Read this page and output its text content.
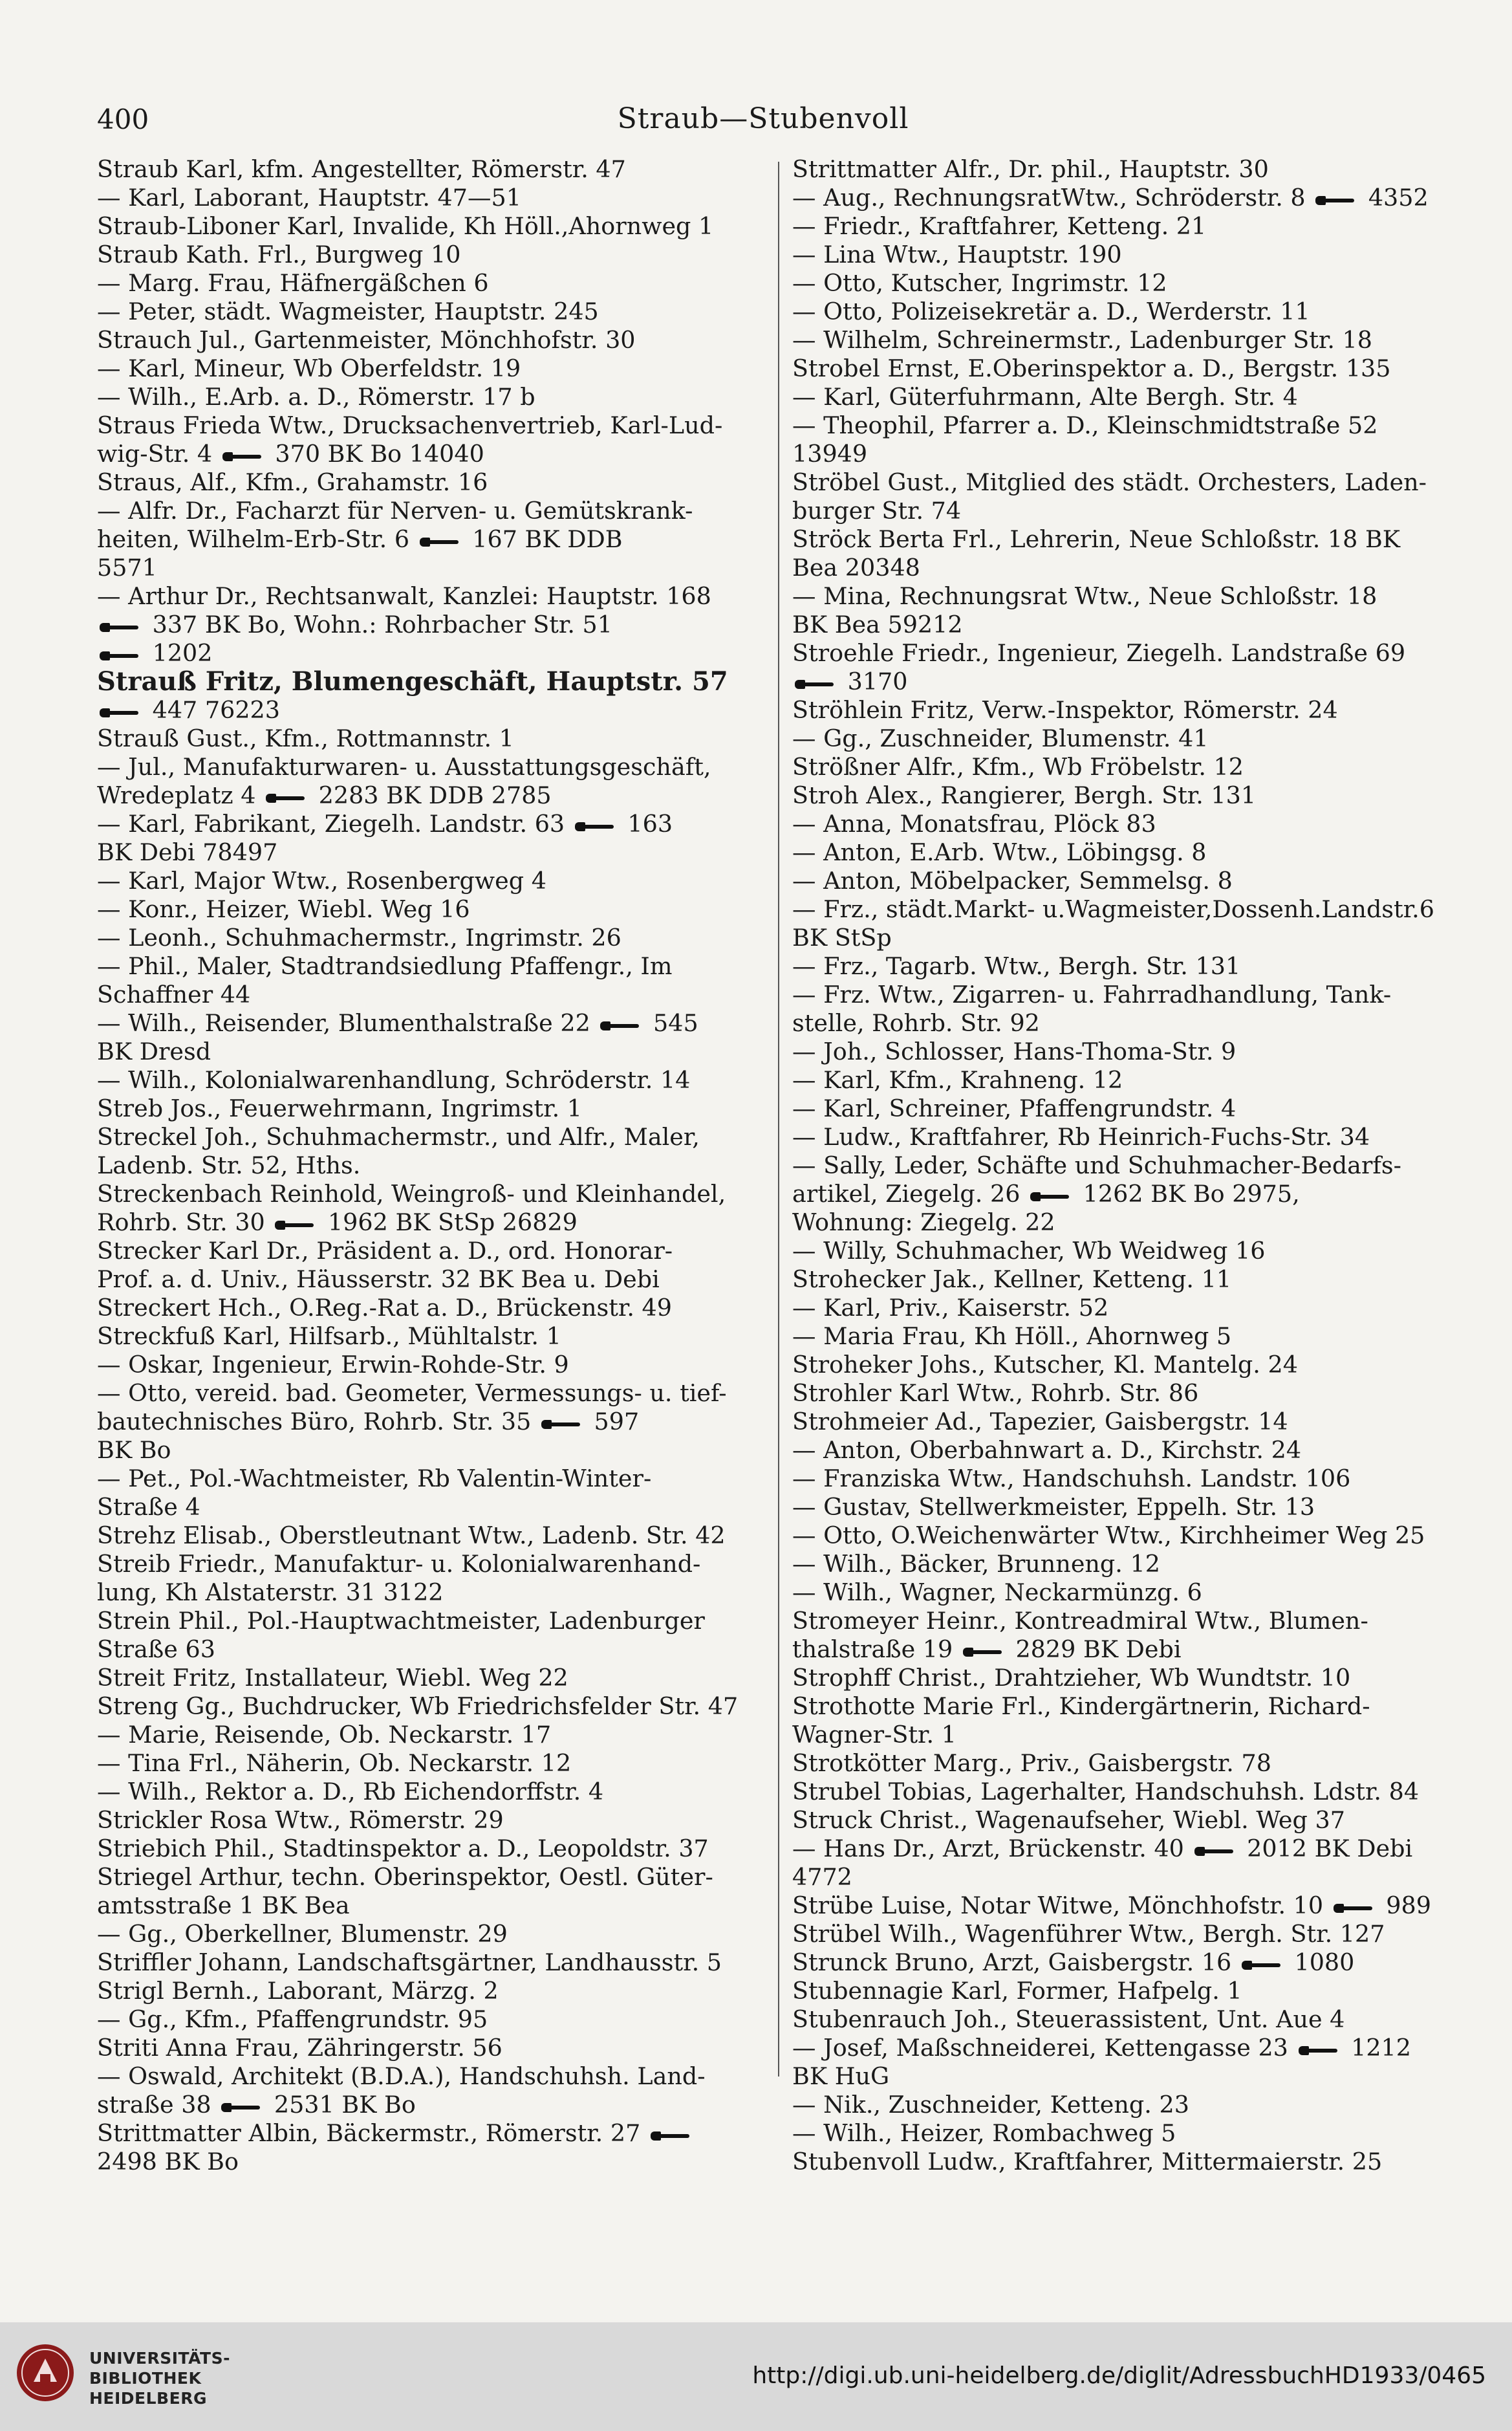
400	Straub—Stubenvoll
Straub Karl, kfm. Angestellter, Römerstr. 47
— Karl, Laborant, Hauptstr. 47—51
Straub-Liboner Karl, Invalide, Kh Höll.,Ahornweg 1
Straub Kath. Frl., Burgweg 10
— Marg. Frau, Häfnergäßchen 6
— Peter, städt. Wagmeister, Hauptstr. 245
Strauch Jul., Gartenmeister, Mönchhofstr. 30
— Karl, Mineur, Wb Oberfeldstr. 19
— Wilh., E.Arb. a. D., Römerstr. 17 b
Straus Frieda Wtw., Drucksachenvertrieb, Karl-Lud-
wig-Str. 4  370 BK Bo 14040
Straus, Alf., Kfm., Grahamstr. 16
— Alfr. Dr., Facharzt für Nerven- u. Gemütskrank-
heiten, Wilhelm-Erb-Str. 6  167 BK DDB
5571
— Arthur Dr., Rechtsanwalt, Kanzlei: Hauptstr. 168
337 BK Bo, Wohn.: Rohrbacher Str. 51
1202
Strauß Fritz, Blumengeschäft, Hauptstr. 57
447 76223
Strauß Gust., Kfm., Rottmannstr. 1
— Jul., Manufakturwaren- u. Ausstattungsgeschäft,
Wredeplatz 4  2283 BK DDB 2785
— Karl, Fabrikant, Ziegelh. Landstr. 63  163
BK Debi 78497
— Karl, Major Wtw., Rosenbergweg 4
— Konr., Heizer, Wiebl. Weg 16
— Leonh., Schuhmachermstr., Ingrimstr. 26
— Phil., Maler, Stadtrandsiedlung Pfaffengr., Im
Schaffner 44
— Wilh., Reisender, Blumenthalstraße 22  545
BK Dresd
— Wilh., Kolonialwarenhandlung, Schröderstr. 14
Streb Jos., Feuerwehrmann, Ingrimstr. 1
Streckel Joh., Schuhmachermstr., und Alfr., Maler,
Ladenb. Str. 52, Hths.
Streckenbach Reinhold, Weingroß- und Kleinhandel,
Rohrb. Str. 30  1962 BK StSp 26829
Strecker Karl Dr., Präsident a. D., ord. Honorar-
Prof. a. d. Univ., Häusserstr. 32 BK Bea u. Debi
Streckert Hch., O.Reg.-Rat a. D., Brückenstr. 49
Streckfuß Karl, Hilfsarb., Mühltalstr. 1
— Oskar, Ingenieur, Erwin-Rohde-Str. 9
— Otto, vereid. bad. Geometer, Vermessungs- u. tief-
bautechnisches Büro, Rohrb. Str. 35  597
BK Bo
— Pet., Pol.-Wachtmeister, Rb Valentin-Winter-
Straße 4
Strehz Elisab., Oberstleutnant Wtw., Ladenb. Str. 42
Streib Friedr., Manufaktur- u. Kolonialwarenhand-
lung, Kh Alstaterstr. 31 3122
Strein Phil., Pol.-Hauptwachtmeister, Ladenburger
Straße 63
Streit Fritz, Installateur, Wiebl. Weg 22
Streng Gg., Buchdrucker, Wb Friedrichsfelder Str. 47
— Marie, Reisende, Ob. Neckarstr. 17
— Tina Frl., Näherin, Ob. Neckarstr. 12
— Wilh., Rektor a. D., Rb Eichendorffstr. 4
Strickler Rosa Wtw., Römerstr. 29
Striebich Phil., Stadtinspektor a. D., Leopoldstr. 37
Striegel Arthur, techn. Oberinspektor, Oestl. Güter-
amtsstraße 1 BK Bea
— Gg., Oberkellner, Blumenstr. 29
Striffler Johann, Landschaftsgärtner, Landhausstr. 5
Strigl Bernh., Laborant, Märzg. 2
— Gg., Kfm., Pfaffengrundstr. 95
Striti Anna Frau, Zähringerstr. 56
— Oswald, Architekt (B.D.A.), Handschuhsh. Land-
straße 38  2531 BK Bo
Strittmatter Albin, Bäckermstr., Römerstr. 27
2498 BK Bo
Strittmatter Alfr., Dr. phil., Hauptstr. 30
— Aug., RechnungsratWtw., Schröderstr. 8  4352
— Friedr., Kraftfahrer, Ketteng. 21
— Lina Wtw., Hauptstr. 190
— Otto, Kutscher, Ingrimstr. 12
— Otto, Polizeisekretär a. D., Werderstr. 11
— Wilhelm, Schreinermstr., Ladenburger Str. 18
Strobel Ernst, E.Oberinspektor a. D., Bergstr. 135
— Karl, Güterfuhrmann, Alte Bergh. Str. 4
— Theophil, Pfarrer a. D., Kleinschmidtstraße 52
13949
Ströbel Gust., Mitglied des städt. Orchesters, Laden-
burger Str. 74
Ströck Berta Frl., Lehrerin, Neue Schloßstr. 18 BK
Bea 20348
— Mina, Rechnungsrat Wtw., Neue Schloßstr. 18
BK Bea 59212
Stroehle Friedr., Ingenieur, Ziegelh. Landstraße 69
3170
Ströhlein Fritz, Verw.-Inspektor, Römerstr. 24
— Gg., Zuschneider, Blumenstr. 41
Strößner Alfr., Kfm., Wb Fröbelstr. 12
Stroh Alex., Rangierer, Bergh. Str. 131
— Anna, Monatsfrau, Plöck 83
— Anton, E.Arb. Wtw., Löbingsg. 8
— Anton, Möbelpacker, Semmelsg. 8
— Frz., städt.Markt- u.Wagmeister,Dossenh.Landstr.6
BK StSp
— Frz., Tagarb. Wtw., Bergh. Str. 131
— Frz. Wtw., Zigarren- u. Fahrradhandlung, Tank-
stelle, Rohrb. Str. 92
— Joh., Schlosser, Hans-Thoma-Str. 9
— Karl, Kfm., Krahneng. 12
— Karl, Schreiner, Pfaffengrundstr. 4
— Ludw., Kraftfahrer, Rb Heinrich-Fuchs-Str. 34
— Sally, Leder, Schäfte und Schuhmacher-Bedarfs-
artikel, Ziegelg. 26  1262 BK Bo 2975,
Wohnung: Ziegelg. 22
— Willy, Schuhmacher, Wb Weidweg 16
Strohecker Jak., Kellner, Ketteng. 11
— Karl, Priv., Kaiserstr. 52
— Maria Frau, Kh Höll., Ahornweg 5
Stroheker Johs., Kutscher, Kl. Mantelg. 24
Strohler Karl Wtw., Rohrb. Str. 86
Strohmeier Ad., Tapezier, Gaisbergstr. 14
— Anton, Oberbahnwart a. D., Kirchstr. 24
— Franziska Wtw., Handschuhsh. Landstr. 106
— Gustav, Stellwerkmeister, Eppelh. Str. 13
— Otto, O.Weichenwärter Wtw., Kirchheimer Weg 25
— Wilh., Bäcker, Brunneng. 12
— Wilh., Wagner, Neckarmünzg. 6
Stromeyer Heinr., Kontreadmiral Wtw., Blumen-
thalstraße 19  2829 BK Debi
Strophff Christ., Drahtzieher, Wb Wundtstr. 10
Strothotte Marie Frl., Kindergärtnerin, Richard-
Wagner-Str. 1
Strotkötter Marg., Priv., Gaisbergstr. 78
Strubel Tobias, Lagerhalter, Handschuhsh. Ldstr. 84
Struck Christ., Wagenaufseher, Wiebl. Weg 37
— Hans Dr., Arzt, Brückenstr. 40  2012 BK Debi
4772
Strübe Luise, Notar Witwe, Mönchhofstr. 10  989
Strübel Wilh., Wagenführer Wtw., Bergh. Str. 127
Strunck Bruno, Arzt, Gaisbergstr. 16  1080
Stubennagie Karl, Former, Hafpelg. 1
Stubenrauch Joh., Steuerassistent, Unt. Aue 4
— Josef, Maßschneiderei, Kettengasse 23  1212
BK HuG
— Nik., Zuschneider, Ketteng. 23
— Wilh., Heizer, Rombachweg 5
Stubenvoll Ludw., Kraftfahrer, Mittermaierstr. 25
UNIVERSITÄTS-
BIBLIOTHEK
HEIDELBERG
http://digi.ub.uni-heidelberg.de/diglit/AdressbuchHD1933/0465
